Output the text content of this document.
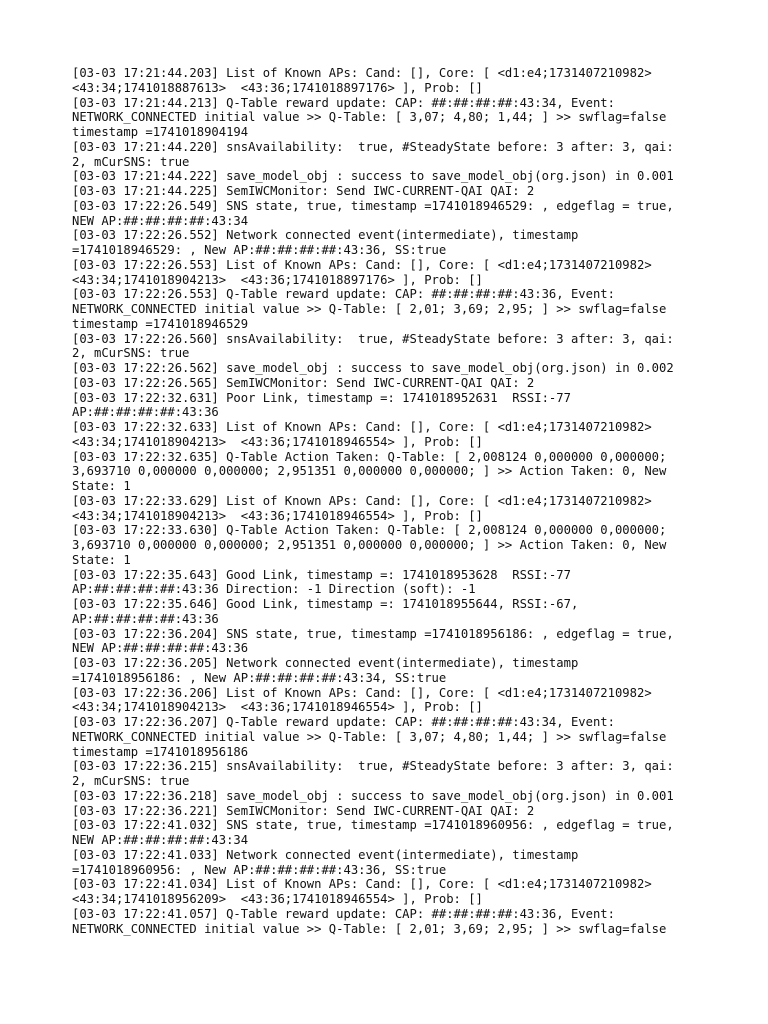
[03-03 17:21:44.203] List of Known APs: Cand: [], Core: [ <d1:e4;1731407210982>
<43:34;1741018887613>  <43:36;1741018897176> ], Prob: []
[03-03 17:21:44.213] Q-Table reward update: CAP: ##:##:##:##:43:34, Event:
NETWORK_CONNECTED initial value >> Q-Table: [ 3,07; 4,80; 1,44; ] >> swflag=false
timestamp =1741018904194
[03-03 17:21:44.220] snsAvailability:  true, #SteadyState before: 3 after: 3, qai:
2, mCurSNS: true
[03-03 17:21:44.222] save_model_obj : success to save_model_obj(org.json) in 0.001
[03-03 17:21:44.225] SemIWCMonitor: Send IWC-CURRENT-QAI QAI: 2
[03-03 17:22:26.549] SNS state, true, timestamp =1741018946529: , edgeflag = true,
NEW AP:##:##:##:##:43:34
[03-03 17:22:26.552] Network connected event(intermediate), timestamp
=1741018946529: , New AP:##:##:##:##:43:36, SS:true
[03-03 17:22:26.553] List of Known APs: Cand: [], Core: [ <d1:e4;1731407210982>
<43:34;1741018904213>  <43:36;1741018897176> ], Prob: []
[03-03 17:22:26.553] Q-Table reward update: CAP: ##:##:##:##:43:36, Event:
NETWORK_CONNECTED initial value >> Q-Table: [ 2,01; 3,69; 2,95; ] >> swflag=false
timestamp =1741018946529
[03-03 17:22:26.560] snsAvailability:  true, #SteadyState before: 3 after: 3, qai:
2, mCurSNS: true
[03-03 17:22:26.562] save_model_obj : success to save_model_obj(org.json) in 0.002
[03-03 17:22:26.565] SemIWCMonitor: Send IWC-CURRENT-QAI QAI: 2
[03-03 17:22:32.631] Poor Link, timestamp =: 1741018952631  RSSI:-77
AP:##:##:##:##:43:36
[03-03 17:22:32.633] List of Known APs: Cand: [], Core: [ <d1:e4;1731407210982>
<43:34;1741018904213>  <43:36;1741018946554> ], Prob: []
[03-03 17:22:32.635] Q-Table Action Taken: Q-Table: [ 2,008124 0,000000 0,000000;
3,693710 0,000000 0,000000; 2,951351 0,000000 0,000000; ] >> Action Taken: 0, New
State: 1
[03-03 17:22:33.629] List of Known APs: Cand: [], Core: [ <d1:e4;1731407210982>
<43:34;1741018904213>  <43:36;1741018946554> ], Prob: []
[03-03 17:22:33.630] Q-Table Action Taken: Q-Table: [ 2,008124 0,000000 0,000000;
3,693710 0,000000 0,000000; 2,951351 0,000000 0,000000; ] >> Action Taken: 0, New
State: 1
[03-03 17:22:35.643] Good Link, timestamp =: 1741018953628  RSSI:-77
AP:##:##:##:##:43:36 Direction: -1 Direction (soft): -1
[03-03 17:22:35.646] Good Link, timestamp =: 1741018955644, RSSI:-67,
AP:##:##:##:##:43:36
[03-03 17:22:36.204] SNS state, true, timestamp =1741018956186: , edgeflag = true,
NEW AP:##:##:##:##:43:36
[03-03 17:22:36.205] Network connected event(intermediate), timestamp
=1741018956186: , New AP:##:##:##:##:43:34, SS:true
[03-03 17:22:36.206] List of Known APs: Cand: [], Core: [ <d1:e4;1731407210982>
<43:34;1741018904213>  <43:36;1741018946554> ], Prob: []
[03-03 17:22:36.207] Q-Table reward update: CAP: ##:##:##:##:43:34, Event:
NETWORK_CONNECTED initial value >> Q-Table: [ 3,07; 4,80; 1,44; ] >> swflag=false
timestamp =1741018956186
[03-03 17:22:36.215] snsAvailability:  true, #SteadyState before: 3 after: 3, qai:
2, mCurSNS: true
[03-03 17:22:36.218] save_model_obj : success to save_model_obj(org.json) in 0.001
[03-03 17:22:36.221] SemIWCMonitor: Send IWC-CURRENT-QAI QAI: 2
[03-03 17:22:41.032] SNS state, true, timestamp =1741018960956: , edgeflag = true,
NEW AP:##:##:##:##:43:34
[03-03 17:22:41.033] Network connected event(intermediate), timestamp
=1741018960956: , New AP:##:##:##:##:43:36, SS:true
[03-03 17:22:41.034] List of Known APs: Cand: [], Core: [ <d1:e4;1731407210982>
<43:34;1741018956209>  <43:36;1741018946554> ], Prob: []
[03-03 17:22:41.057] Q-Table reward update: CAP: ##:##:##:##:43:36, Event:
NETWORK_CONNECTED initial value >> Q-Table: [ 2,01; 3,69; 2,95; ] >> swflag=false
